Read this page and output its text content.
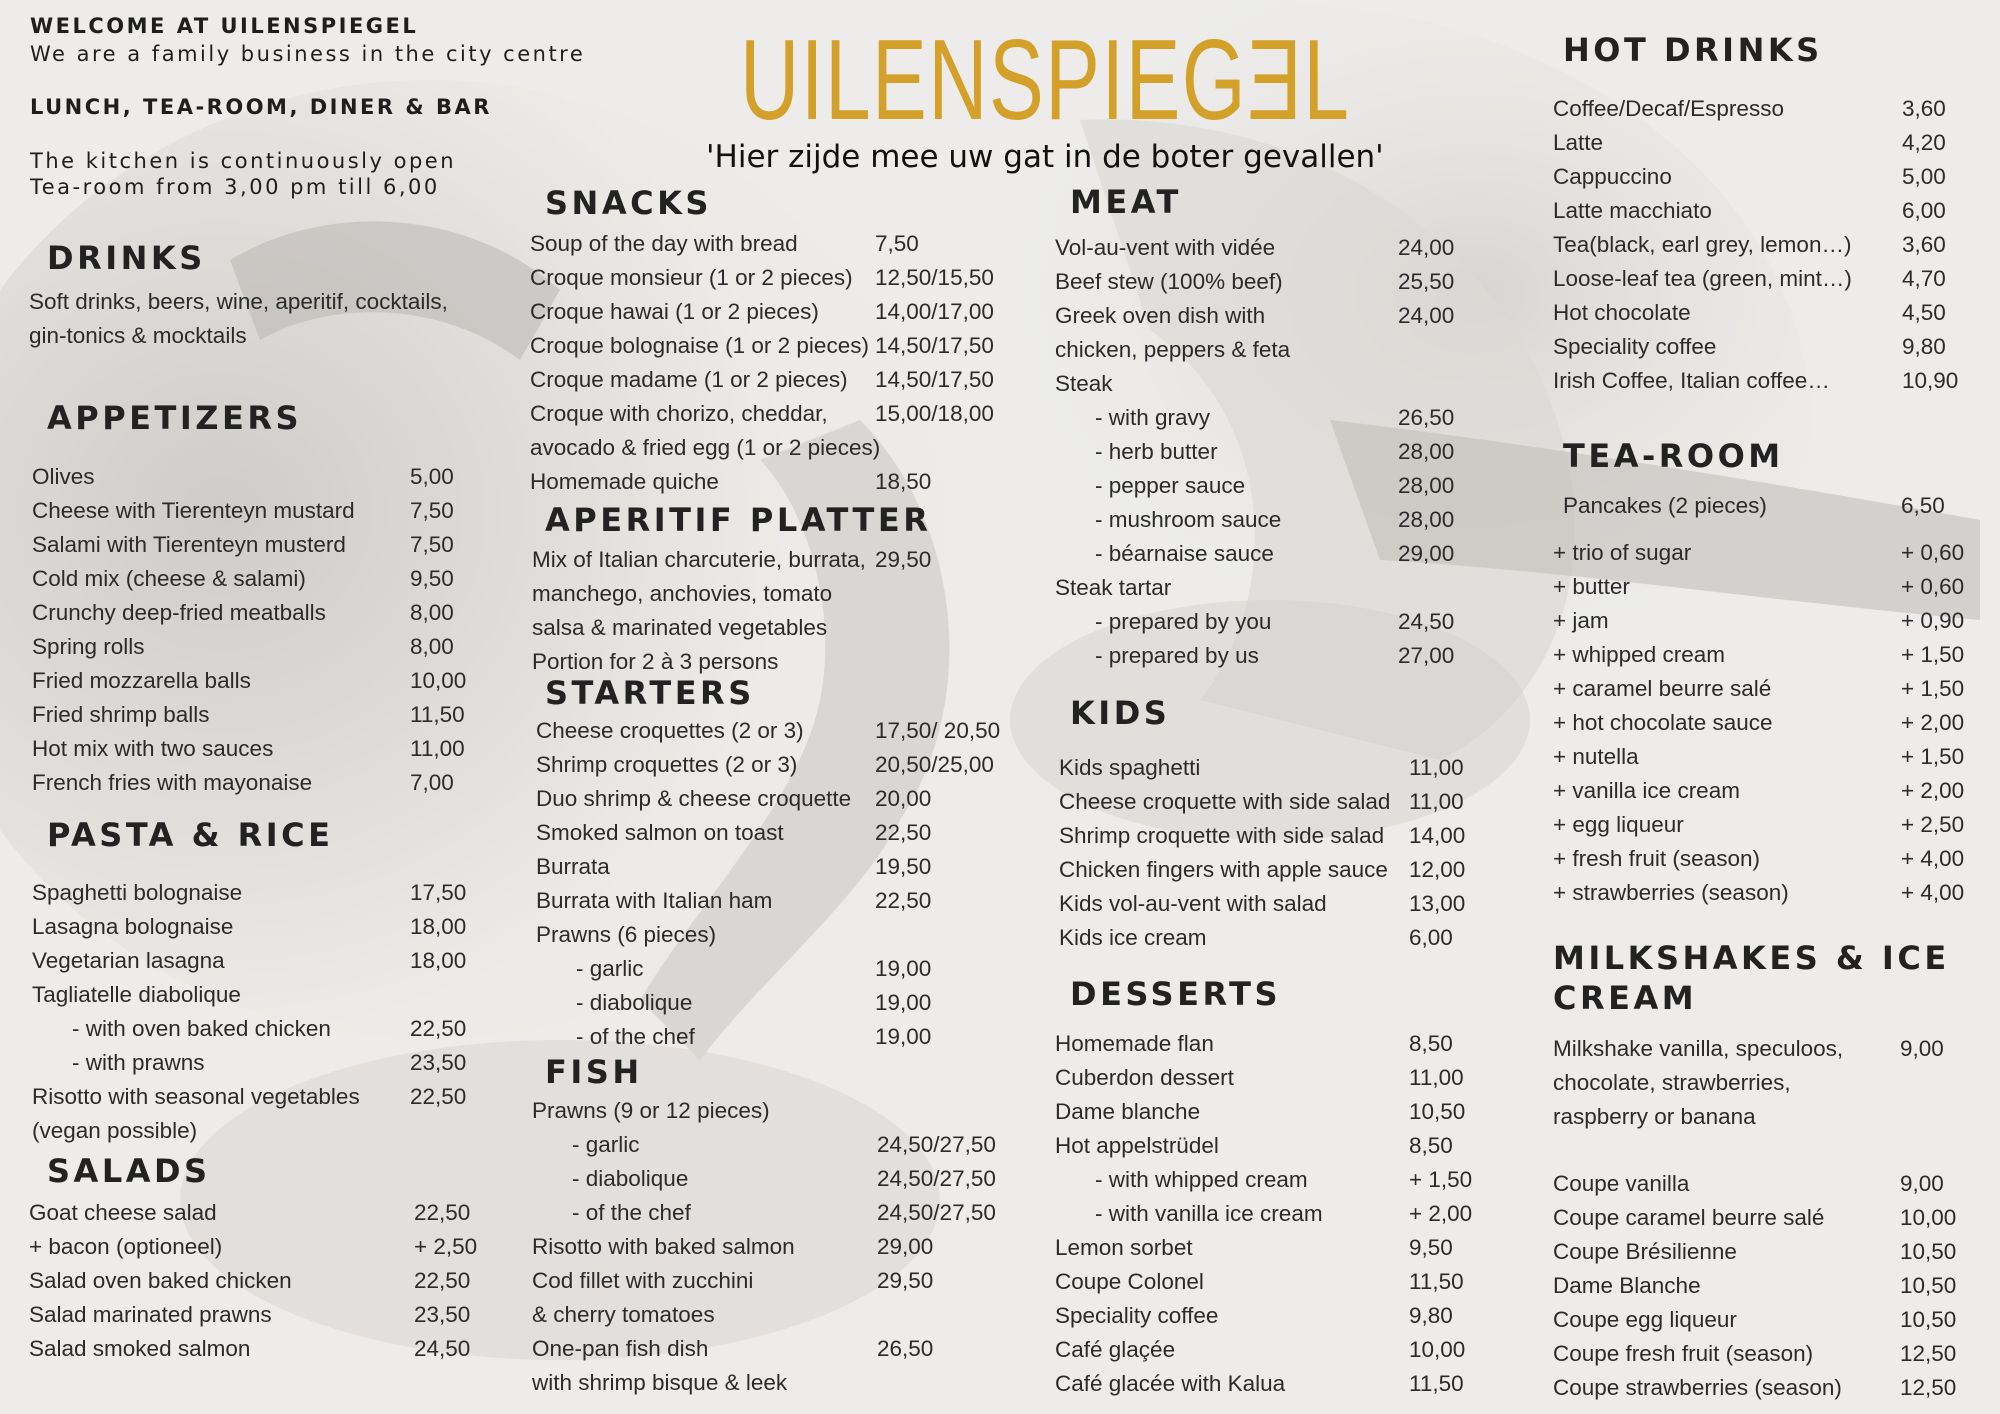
WELCOME AT UILENSPIEGEL
We are a family business in the city centre
LUNCH, TEA-ROOM, DINER & BAR
The kitchen is continuously open
Tea-room from 3,00 pm till 6,00
UILENSPIEGƎL
'Hier zijde mee uw gat in de boter gevallen'
DRINKS
Soft drinks, beers, wine, aperitif, cocktails,
gin-tonics & mocktails
APPETIZERS
Olives	5,00
Cheese with Tierenteyn mustard 7,50
Salami with Tierenteyn musterd	7,50
Cold mix (cheese & salami)	9,50
Crunchy deep-fried meatballs	8,00
Spring rolls	8,00
Fried mozzarella balls	10,00
Fried shrimp balls	11,50
Hot mix with two sauces	11,00
French fries with mayonaise	7,00
PASTA & RICE
Spaghetti bolognaise	17,50
Lasagna bolognaise	18,00
Vegetarian lasagna	18,00
Tagliatelle diabolique
- with oven baked chicken	22,50
- with prawns	23,50
Risotto with seasonal vegetables 22,50
(vegan possible)
SALADS
Goat cheese salad	22,50
+ bacon (optioneel)	+ 2,50
Salad oven baked chicken	22,50
Salad marinated prawns	23,50
Salad smoked salmon	24,50
SNACKS
Soup of the day with bread	7,50
Croque monsieur (1 or 2 pieces) 12,50/15,50
Croque hawai (1 or 2 pieces) 14,00/17,00
Croque bolognaise (1 or 2 pieces) 14,50/17,50
Croque madame (1 or 2 pieces) 14,50/17,50
Croque with chorizo, cheddar, 15,00/18,00
avocado & fried egg (1 or 2 pieces)
Homemade quiche	18,50
APERITIF PLATTER
Mix of Italian charcuterie, burrata, 29,50
manchego, anchovies, tomato
salsa & marinated vegetables
Portion for 2 à 3 persons
STARTERS
Cheese croquettes (2 or 3)	17,50/ 20,50
Shrimp croquettes (2 or 3)	20,50/25,00
Duo shrimp & cheese croquette 20,00
Smoked salmon on toast	22,50
Burrata	19,50
Burrata with Italian ham	22,50
Prawns (6 pieces)
- garlic	19,00
- diabolique	19,00
- of the chef	19,00
FISH
Prawns (9 or 12 pieces)
- garlic	24,50/27,50
- diabolique	24,50/27,50
- of the chef	24,50/27,50
Risotto with baked salmon	29,00
Cod fillet with zucchini	29,50
& cherry tomatoes
One-pan fish dish	26,50
with shrimp bisque & leek
MEAT
Vol-au-vent with vidée	24,00
Beef stew (100% beef)	25,50
Greek oven dish with	24,00
chicken, peppers & feta
Steak
- with gravy	26,50
- herb butter	28,00
- pepper sauce	28,00
- mushroom sauce	28,00
- béarnaise sauce	29,00
Steak tartar
- prepared by you	24,50
- prepared by us	27,00
KIDS
Kids spaghetti	11,00
Cheese croquette with side salad 11,00
Shrimp croquette with side salad 14,00
Chicken fingers with apple sauce 12,00
Kids vol-au-vent with salad	13,00
Kids ice cream	6,00
DESSERTS
Homemade flan	8,50
Cuberdon dessert	11,00
Dame blanche	10,50
Hot appelstrüdel	8,50
- with whipped cream	+ 1,50
- with vanilla ice cream	+ 2,00
Lemon sorbet	9,50
Coupe Colonel	11,50
Speciality coffee	9,80
Café glaçée	10,00
Café glacée with Kalua	11,50
HOT DRINKS
Coffee/Decaf/Espresso	3,60
Latte	4,20
Cappuccino	5,00
Latte macchiato	6,00
Tea(black, earl grey, lemon…) 3,60
Loose-leaf tea (green, mint…) 4,70
Hot chocolate	4,50
Speciality coffee	9,80
Irish Coffee, Italian coffee…	10,90
TEA-ROOM
Pancakes (2 pieces)	6,50
+ trio of sugar	+ 0,60
+ butter	+ 0,60
+ jam	+ 0,90
+ whipped cream	+ 1,50
+ caramel beurre salé	+ 1,50
+ hot chocolate sauce	+ 2,00
+ nutella	+ 1,50
+ vanilla ice cream	+ 2,00
+ egg liqueur	+ 2,50
+ fresh fruit (season)	+ 4,00
+ strawberries (season)	+ 4,00
MILKSHAKES & ICE CREAM
Milkshake vanilla, speculoos,	9,00
chocolate, strawberries,
raspberry or banana
Coupe vanilla	9,00
Coupe caramel beurre salé	10,00
Coupe Brésilienne	10,50
Dame Blanche	10,50
Coupe egg liqueur	10,50
Coupe fresh fruit (season)	12,50
Coupe strawberries (season)	12,50
